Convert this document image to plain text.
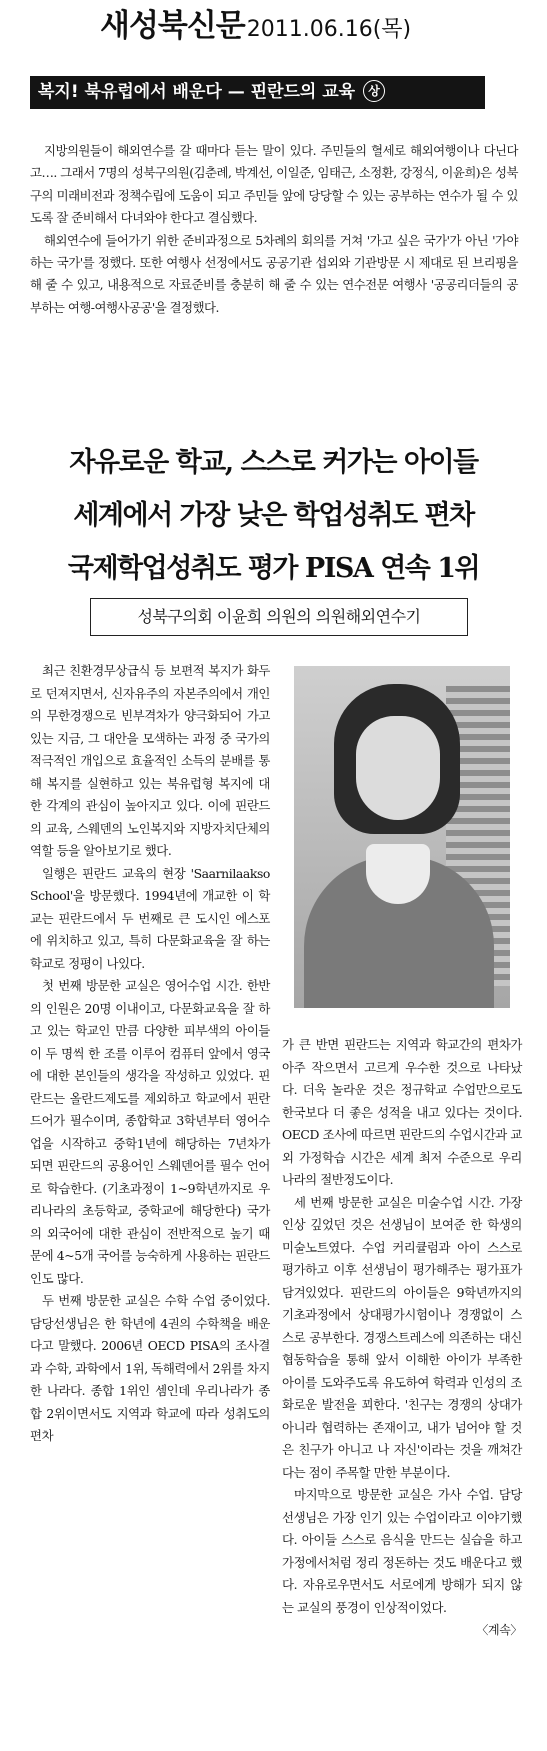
새성북신문2011.06.16(목)
복지! 북유럽에서 배운다 — 핀란드의 교육 상

지방의원들이 해외연수를 갈 때마다 듣는 말이 있다. 주민들의 혈세로 해외여행이나 다닌다고…. 그래서 7명의 성북구의원(김춘례, 박계선, 이일준, 임태근, 소정환, 강정식, 이윤희)은 성북구의 미래비전과 정책수립에 도움이 되고 주민들 앞에 당당할 수 있는 공부하는 연수가 될 수 있도록 잘 준비해서 다녀와야 한다고 결심했다.

해외연수에 들어가기 위한 준비과정으로 5차례의 회의를 거쳐 '가고 싶은 국가'가 아닌 '가야하는 국가'를 정했다. 또한 여행사 선정에서도 공공기관 섭외와 기관방문 시 제대로 된 브리핑을 해 줄 수 있고, 내용적으로 자료준비를 충분히 해 줄 수 있는 연수전문 여행사 '공공리더들의 공부하는 여행-여행사공공'을 결정했다.

자유로운 학교, 스스로 커가는 아이들
세계에서 가장 낮은 학업성취도 편차
국제학업성취도 평가 PISA 연속 1위
성북구의회 이윤희 의원의 의원해외연수기

최근 친환경무상급식 등 보편적 복지가 화두로 던져지면서, 신자유주의 자본주의에서 개인의 무한경쟁으로 빈부격차가 양극화되어 가고 있는 지금, 그 대안을 모색하는 과정 중 국가의 적극적인 개입으로 효율적인 소득의 분배를 통해 복지를 실현하고 있는 북유럽형 복지에 대한 각계의 관심이 높아지고 있다. 이에 핀란드의 교육, 스웨덴의 노인복지와 지방자치단체의 역할 등을 알아보기로 했다.

일행은 핀란드 교육의 현장 'Saarnilaakso School'을 방문했다. 1994년에 개교한 이 학교는 핀란드에서 두 번째로 큰 도시인 에스포에 위치하고 있고, 특히 다문화교육을 잘 하는 학교로 정평이 나있다.

첫 번째 방문한 교실은 영어수업 시간. 한반의 인원은 20명 이내이고, 다문화교육을 잘 하고 있는 학교인 만큼 다양한 피부색의 아이들이 두 명씩 한 조를 이루어 컴퓨터 앞에서 영국에 대한 본인들의 생각을 작성하고 있었다. 핀란드는 올란드제도를 제외하고 학교에서 핀란드어가 필수이며, 종합학교 3학년부터 영어수업을 시작하고 중학1년에 해당하는 7년차가 되면 핀란드의 공용어인 스웨덴어를 필수 언어로 학습한다. (기초과정이 1~9학년까지로 우리나라의 초등학교, 중학교에 해당한다) 국가의 외국어에 대한 관심이 전반적으로 높기 때문에 4~5개 국어를 능숙하게 사용하는 핀란드인도 많다.

두 번째 방문한 교실은 수학 수업 중이었다. 담당선생님은 한 학년에 4권의 수학책을 배운다고 말했다. 2006년 OECD PISA의 조사결과 수학, 과학에서 1위, 독해력에서 2위를 차지한 나라다. 종합 1위인 셈인데 우리나라가 종합 2위이면서도 지역과 학교에 따라 성취도의 편차

가 큰 반면 핀란드는 지역과 학교간의 편차가 아주 작으면서 고르게 우수한 것으로 나타났다. 더욱 놀라운 것은 정규학교 수업만으로도 한국보다 더 좋은 성적을 내고 있다는 것이다. OECD 조사에 따르면 핀란드의 수업시간과 교외 가정학습 시간은 세계 최저 수준으로 우리나라의 절반정도이다.

세 번째 방문한 교실은 미술수업 시간. 가장 인상 깊었던 것은 선생님이 보여준 한 학생의 미술노트였다. 수업 커리큘럼과 아이 스스로 평가하고 이후 선생님이 평가해주는 평가표가 담겨있었다. 핀란드의 아이들은 9학년까지의 기초과정에서 상대평가시험이나 경쟁없이 스스로 공부한다. 경쟁스트레스에 의존하는 대신 협동학습을 통해 앞서 이해한 아이가 부족한 아이를 도와주도록 유도하여 학력과 인성의 조화로운 발전을 꾀한다. '친구는 경쟁의 상대가 아니라 협력하는 존재이고, 내가 넘어야 할 것은 친구가 아니고 나 자신'이라는 것을 깨쳐간다는 점이 주목할 만한 부분이다.

마지막으로 방문한 교실은 가사 수업. 담당선생님은 가장 인기 있는 수업이라고 이야기했다. 아이들 스스로 음식을 만드는 실습을 하고 가정에서처럼 정리 정돈하는 것도 배운다고 했다. 자유로우면서도 서로에게 방해가 되지 않는 교실의 풍경이 인상적이었다.

〈계속〉
